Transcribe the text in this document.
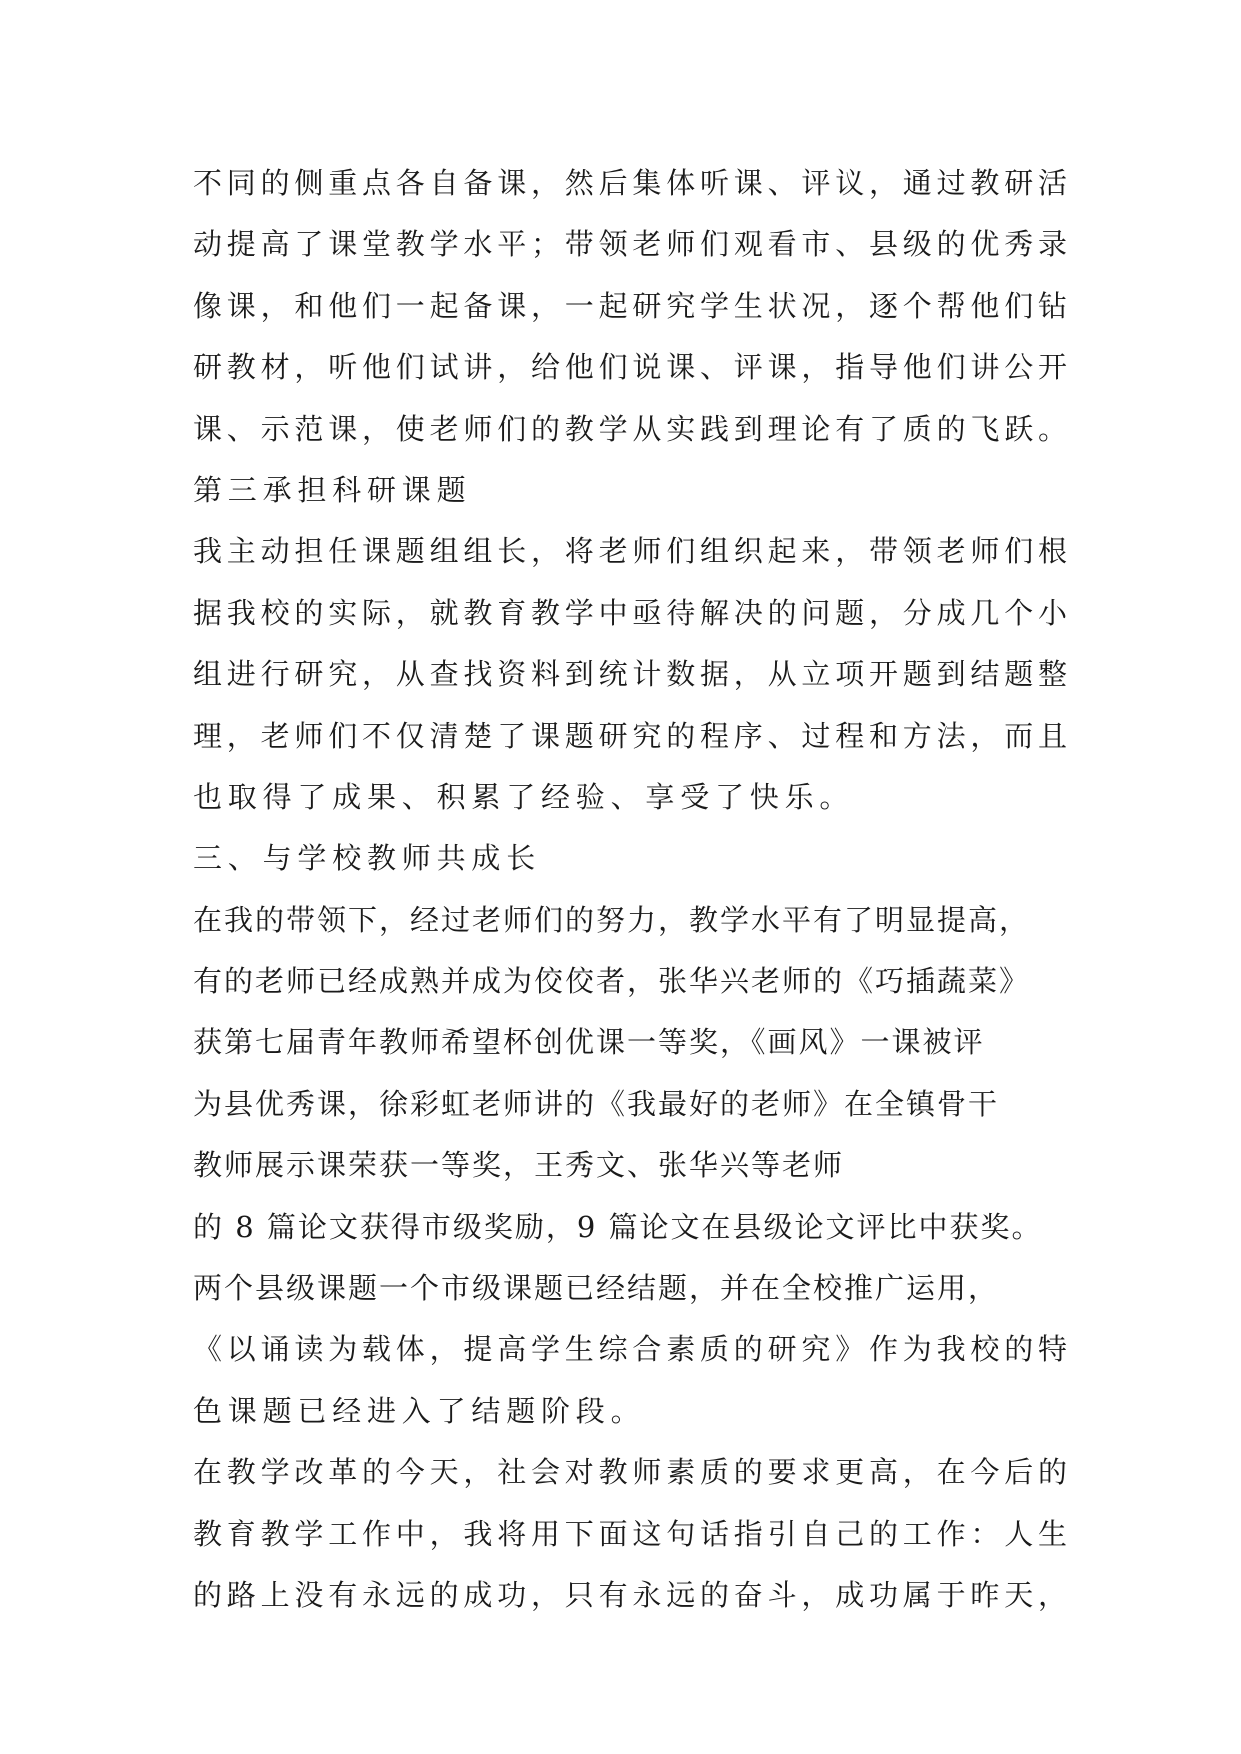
不同的侧重点各自备课，然后集体听课、评议，通过教研活
动提高了课堂教学水平；带领老师们观看市、县级的优秀录
像课，和他们一起备课，一起研究学生状况，逐个帮他们钻
研教材，听他们试讲，给他们说课、评课，指导他们讲公开
课、示范课，使老师们的教学从实践到理论有了质的飞跃。
第三承担科研课题
我主动担任课题组组长，将老师们组织起来，带领老师们根
据我校的实际，就教育教学中亟待解决的问题，分成几个小
组进行研究，从查找资料到统计数据，从立项开题到结题整
理，老师们不仅清楚了课题研究的程序、过程和方法，而且
也取得了成果、积累了经验、享受了快乐。
三、与学校教师共成长
在我的带领下，经过老师们的努力，教学水平有了明显提高，
有的老师已经成熟并成为佼佼者，张华兴老师的《巧插蔬菜》
获第七届青年教师希望杯创优课一等奖，《画风》一课被评
为县优秀课，徐彩虹老师讲的《我最好的老师》在全镇骨干
教师展示课荣获一等奖，王秀文、张华兴等老师
的 8 篇论文获得市级奖励，9 篇论文在县级论文评比中获奖。
两个县级课题一个市级课题已经结题，并在全校推广运用，
《以诵读为载体，提高学生综合素质的研究》作为我校的特
色课题已经进入了结题阶段。
在教学改革的今天，社会对教师素质的要求更高，在今后的
教育教学工作中，我将用下面这句话指引自己的工作：人生
的路上没有永远的成功，只有永远的奋斗，成功属于昨天，
